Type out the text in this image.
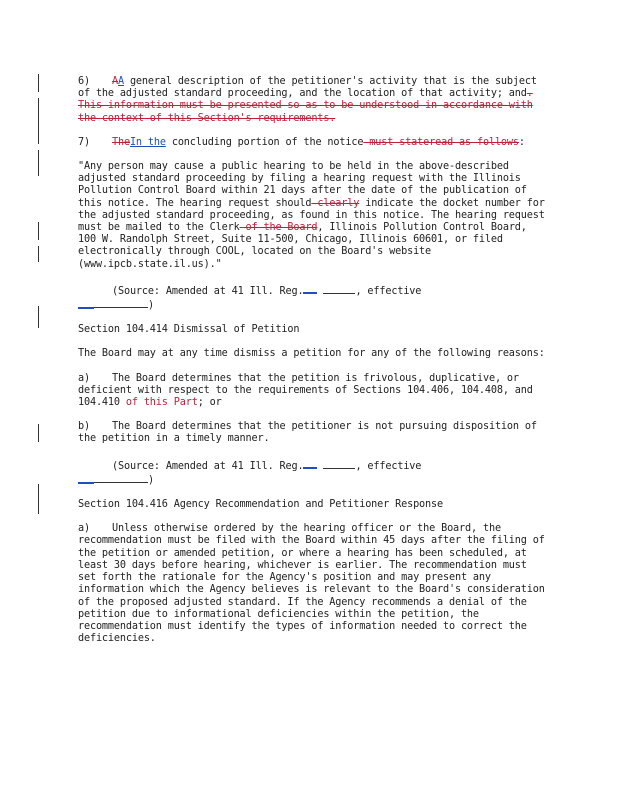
6) AA general description of the petitioner's activity that is the subject of the adjusted standard proceeding, and the location of that activity; and. This information must be presented so as to be understood in accordance with the context of this Section's requirements.

7) TheIn the concluding portion of the notice must stateread as follows:

"Any person may cause a public hearing to be held in the above-described adjusted standard proceeding by filing a hearing request with the Illinois Pollution Control Board within 21 days after the date of the publication of this notice. The hearing request should clearly indicate the docket number for the adjusted standard proceeding, as found in this notice. The hearing request must be mailed to the Clerk of the Board, Illinois Pollution Control Board, 100 W. Randolph Street, Suite 11-500, Chicago, Illinois 60601, or filed electronically through COOL, located on the Board's website (www.ipcb.state.il.us)."

(Source: Amended at 41 Ill. Reg.	, effective

)

Section 104.414 Dismissal of Petition

The Board may at any time dismiss a petition for any of the following reasons:

a) The Board determines that the petition is frivolous, duplicative, or deficient with respect to the requirements of Sections 104.406, 104.408, and 104.410 of this Part; or

b) The Board determines that the petitioner is not pursuing disposition of the petition in a timely manner.

(Source: Amended at 41 Ill. Reg.	, effective

)

Section 104.416 Agency Recommendation and Petitioner Response

a) Unless otherwise ordered by the hearing officer or the Board, the recommendation must be filed with the Board within 45 days after the filing of the petition or amended petition, or where a hearing has been scheduled, at least 30 days before hearing, whichever is earlier. The recommendation must set forth the rationale for the Agency's position and may present any information which the Agency believes is relevant to the Board's consideration of the proposed adjusted standard. If the Agency recommends a denial of the petition due to informational deficiencies within the petition, the recommendation must identify the types of information needed to correct the deficiencies.
